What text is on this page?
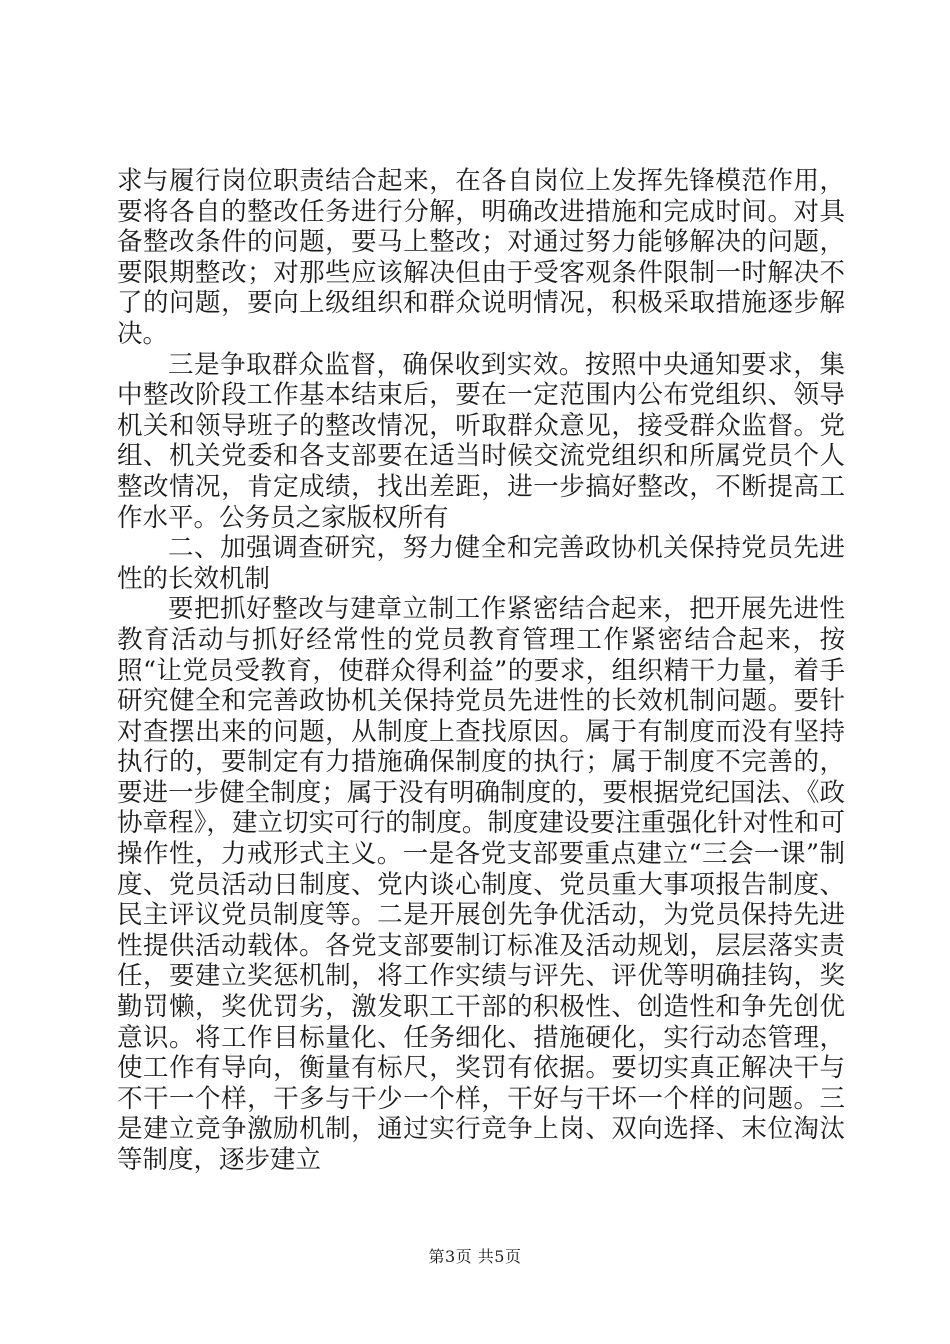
求与履行岗位职责结合起来，在各自岗位上发挥先锋模范作用，要将各自的整改任务进行分解，明确改进措施和完成时间。对具备整改条件的问题，要马上整改；对通过努力能够解决的问题，要限期整改；对那些应该解决但由于受客观条件限制一时解决不了的问题，要向上级组织和群众说明情况，积极采取措施逐步解决。

三是争取群众监督，确保收到实效。按照中央通知要求，集中整改阶段工作基本结束后，要在一定范围内公布党组织、领导机关和领导班子的整改情况，听取群众意见，接受群众监督。党组、机关党委和各支部要在适当时候交流党组织和所属党员个人整改情况，肯定成绩，找出差距，进一步搞好整改，不断提高工作水平。公务员之家版权所有

二、加强调查研究，努力健全和完善政协机关保持党员先进性的长效机制

要把抓好整改与建章立制工作紧密结合起来，把开展先进性教育活动与抓好经常性的党员教育管理工作紧密结合起来，按照“让党员受教育，使群众得利益”的要求，组织精干力量，着手研究健全和完善政协机关保持党员先进性的长效机制问题。要针对查摆出来的问题，从制度上查找原因。属于有制度而没有坚持执行的，要制定有力措施确保制度的执行；属于制度不完善的，要进一步健全制度；属于没有明确制度的，要根据党纪国法、《政协章程》，建立切实可行的制度。制度建设要注重强化针对性和可操作性，力戒形式主义。一是各党支部要重点建立“三会一课”制度、党员活动日制度、党内谈心制度、党员重大事项报告制度、民主评议党员制度等。二是开展创先争优活动，为党员保持先进性提供活动载体。各党支部要制订标准及活动规划，层层落实责任，要建立奖惩机制，将工作实绩与评先、评优等明确挂钩，奖勤罚懒，奖优罚劣，激发职工干部的积极性、创造性和争先创优意识。将工作目标量化、任务细化、措施硬化，实行动态管理，使工作有导向，衡量有标尺，奖罚有依据。要切实真正解决干与不干一个样，干多与干少一个样，干好与干坏一个样的问题。三是建立竞争激励机制，通过实行竞争上岗、双向选择、末位淘汰等制度，逐步建立

第3页 共5页
